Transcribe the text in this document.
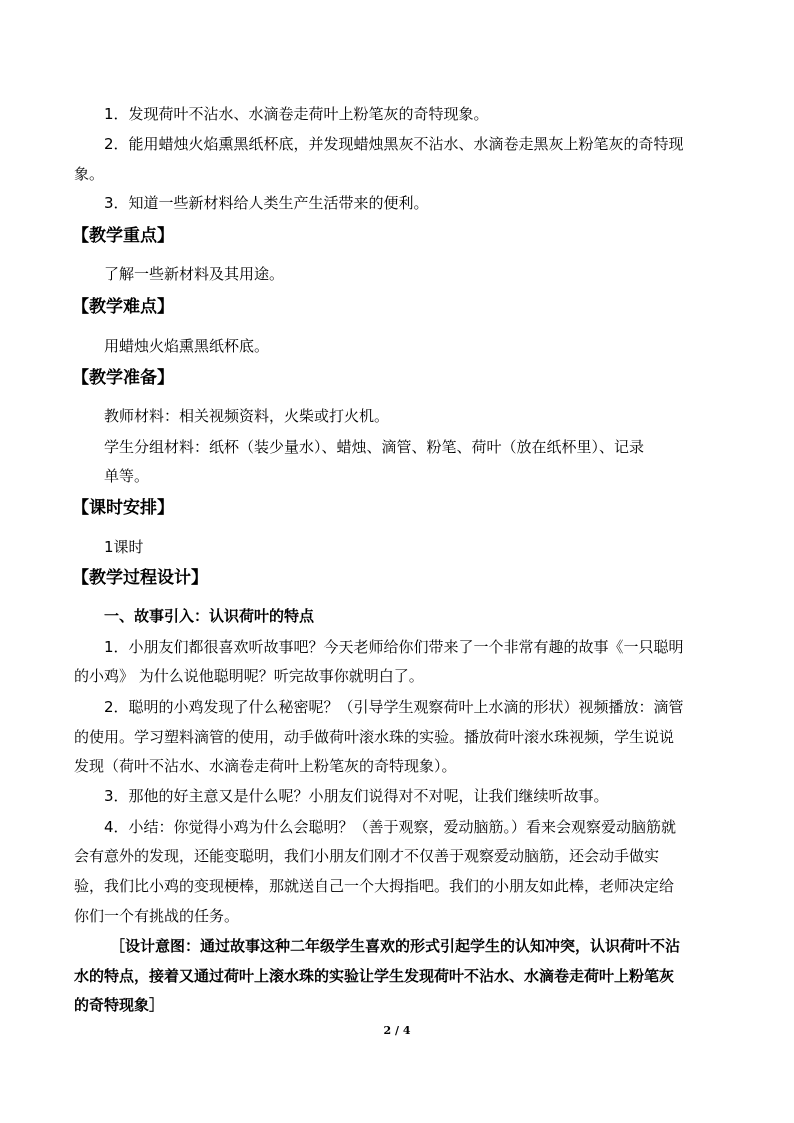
1．发现荷叶不沾水、水滴卷走荷叶上粉笔灰的奇特现象。
2．能用蜡烛火焰熏黑纸杯底，并发现蜡烛黑灰不沾水、水滴卷走黑灰上粉笔灰的奇特现
象。
3．知道一些新材料给人类生产生活带来的便利。
【教学重点】
了解一些新材料及其用途。
【教学难点】
用蜡烛火焰熏黑纸杯底。
【教学准备】
教师材料：相关视频资料，火柴或打火机。
学生分组材料：纸杯（装少量水）、蜡烛、滴管、粉笔、荷叶（放在纸杯里）、记录
单等。
【课时安排】
1课时
【教学过程设计】
一、故事引入：认识荷叶的特点
1．小朋友们都很喜欢听故事吧？今天老师给你们带来了一个非常有趣的故事《一只聪明
的小鸡》 为什么说他聪明呢？听完故事你就明白了。
2．聪明的小鸡发现了什么秘密呢？（引导学生观察荷叶上水滴的形状）视频播放：滴管
的使用。学习塑料滴管的使用，动手做荷叶滚水珠的实验。播放荷叶滚水珠视频，学生说说
发现（荷叶不沾水、水滴卷走荷叶上粉笔灰的奇特现象）。
3．那他的好主意又是什么呢？小朋友们说得对不对呢，让我们继续听故事。
4．小结：你觉得小鸡为什么会聪明？（善于观察，爱动脑筋。）看来会观察爱动脑筋就
会有意外的发现，还能变聪明，我们小朋友们刚才不仅善于观察爱动脑筋，还会动手做实
验，我们比小鸡的变现梗棒，那就送自己一个大拇指吧。我们的小朋友如此棒，老师决定给
你们一个有挑战的任务。
［设计意图：通过故事这种二年级学生喜欢的形式引起学生的认知冲突，认识荷叶不沾
水的特点，接着又通过荷叶上滚水珠的实验让学生发现荷叶不沾水、水滴卷走荷叶上粉笔灰
的奇特现象］
2 / 4
